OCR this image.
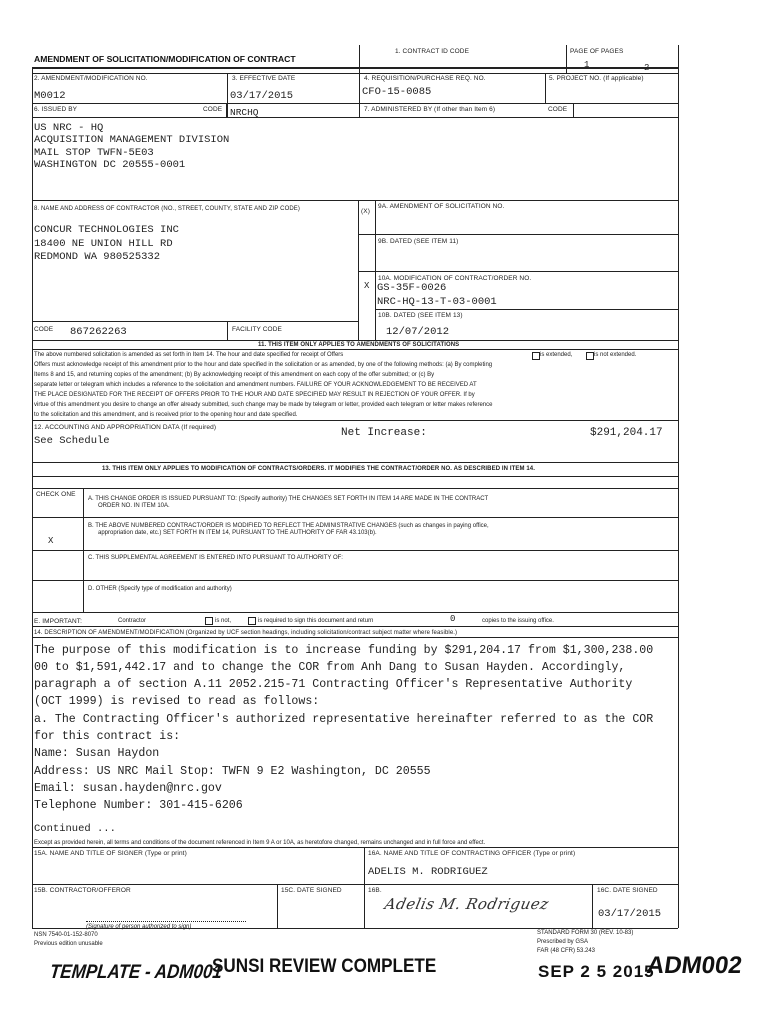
AMENDMENT OF SOLICITATION/MODIFICATION OF CONTRACT
1. CONTRACT ID CODE	PAGE OF PAGES
1	2
2. AMENDMENT/MODIFICATION NO.
M0012
3. EFFECTIVE DATE
03/17/2015
4. REQUISITION/PURCHASE REQ. NO.
CFO-15-0085
5. PROJECT NO. (If applicable)
6. ISSUED BY	CODE NRCHQ	7. ADMINISTERED BY (If other than Item 6)	CODE
US NRC - HQ
ACQUISITION MANAGEMENT DIVISION
MAIL STOP TWFN-5E03
WASHINGTON DC 20555-0001
8. NAME AND ADDRESS OF CONTRACTOR (NO., STREET, COUNTY, STATE AND ZIP CODE)
CONCUR TECHNOLOGIES INC
18400 NE UNION HILL RD
REDMOND WA 980525332
(X)
9A. AMENDMENT OF SOLICITATION NO.
9B. DATED (SEE ITEM 11)
10A. MODIFICATION OF CONTRACT/ORDER NO.
X GS-35F-0026
NRC-HQ-13-T-03-0001
10B. DATED (SEE ITEM 13)
12/07/2012
CODE 867262263	FACILITY CODE
11. THIS ITEM ONLY APPLIES TO AMENDMENTS OF SOLICITATIONS
The above numbered solicitation is amended as set forth in Item 14. The hour and date specified for receipt of Offers	is extended,	is not extended.
Offers must acknowledge receipt of this amendment prior to the hour and date specified in the solicitation or as amended, by one of the following methods: (a) By completing
Items 8 and 15, and returning copies of the amendment; (b) By acknowledging receipt of this amendment on each copy of the offer submitted; or (c) By
separate letter or telegram which includes a reference to the solicitation and amendment numbers. FAILURE OF YOUR ACKNOWLEDGEMENT TO BE RECEIVED AT
THE PLACE DESIGNATED FOR THE RECEIPT OF OFFERS PRIOR TO THE HOUR AND DATE SPECIFIED MAY RESULT IN REJECTION OF YOUR OFFER. If by
virtue of this amendment you desire to change an offer already submitted, such change may be made by telegram or letter, provided each telegram or letter makes reference
to the solicitation and this amendment, and is received prior to the opening hour and date specified.
12. ACCOUNTING AND APPROPRIATION DATA (If required)
See Schedule
Net Increase:	$291,204.17
13. THIS ITEM ONLY APPLIES TO MODIFICATION OF CONTRACTS/ORDERS. IT MODIFIES THE CONTRACT/ORDER NO. AS DESCRIBED IN ITEM 14.
CHECK ONE
A. THIS CHANGE ORDER IS ISSUED PURSUANT TO: (Specify authority) THE CHANGES SET FORTH IN ITEM 14 ARE MADE IN THE CONTRACT
ORDER NO. IN ITEM 10A.
X
B. THE ABOVE NUMBERED CONTRACT/ORDER IS MODIFIED TO REFLECT THE ADMINISTRATIVE CHANGES (such as changes in paying office,
appropriation date, etc.) SET FORTH IN ITEM 14, PURSUANT TO THE AUTHORITY OF FAR 43.103(b).
C. THIS SUPPLEMENTAL AGREEMENT IS ENTERED INTO PURSUANT TO AUTHORITY OF:
D. OTHER (Specify type of modification and authority)
E. IMPORTANT:	Contractor	is not,	is required to sign this document and return	0	copies to the issuing office.
14. DESCRIPTION OF AMENDMENT/MODIFICATION (Organized by UCF section headings, including solicitation/contract subject matter where feasible.)
The purpose of this modification is to increase funding by $291,204.17 from $1,300,238.00
00 to $1,591,442.17 and to change the COR from Anh Dang to Susan Hayden. Accordingly,
paragraph a of section A.11 2052.215-71 Contracting Officer's Representative Authority
(OCT 1999) is revised to read as follows:
a. The Contracting Officer's authorized representative hereinafter referred to as the COR
for this contract is:
Name: Susan Haydon
Address: US NRC Mail Stop: TWFN 9 E2 Washington, DC 20555
Email: susan.hayden@nrc.gov
Telephone Number: 301-415-6206
Continued ...
Except as provided herein, all terms and conditions of the document referenced in Item 9 A or 10A, as heretofore changed, remains unchanged and in full force and effect.
15A. NAME AND TITLE OF SIGNER (Type or print)	16A. NAME AND TITLE OF CONTRACTING OFFICER (Type or print)
ADELIS M. RODRIGUEZ
15B. CONTRACTOR/OFFEROR	15C. DATE SIGNED	16B.
Adelis M. Rodriguez
16C. DATE SIGNED
03/17/2015
(Signature of person authorized to sign)
NSN 7540-01-152-8070
Previous edition unusable
STANDARD FORM 30 (REV. 10-83)
Prescribed by GSA
FAR (48 CFR) 53.243
TEMPLATE - ADM001
SUNSI REVIEW COMPLETE	SEP 2 5 2015
ADM002
